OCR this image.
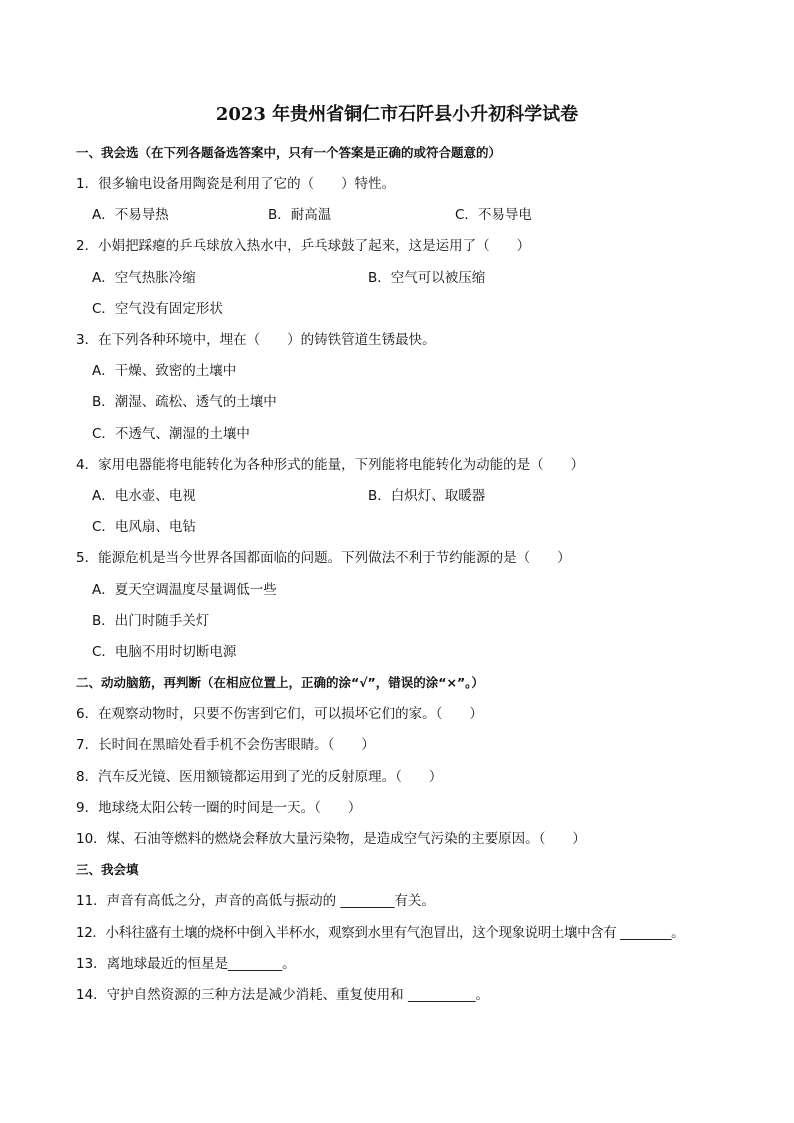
2023 年贵州省铜仁市石阡县小升初科学试卷
一、我会选（在下列各题备选答案中，只有一个答案是正确的或符合题意的）
1．很多输电设备用陶瓷是利用了它的（　　）特性。
A．不易导热	B．耐高温	C．不易导电
2．小娟把踩瘪的乒乓球放入热水中，乒乓球鼓了起来，这是运用了（　　）
A．空气热胀冷缩	B．空气可以被压缩
C．空气没有固定形状
3．在下列各种环境中，埋在（　　）的铸铁管道生锈最快。
A．干燥、致密的土壤中
B．潮湿、疏松、透气的土壤中
C．不透气、潮湿的土壤中
4．家用电器能将电能转化为各种形式的能量，下列能将电能转化为动能的是（　　）
A．电水壶、电视	B．白炽灯、取暖器
C．电风扇、电钻
5．能源危机是当今世界各国都面临的问题。下列做法不利于节约能源的是（　　）
A．夏天空调温度尽量调低一些
B．出门时随手关灯
C．电脑不用时切断电源
二、动动脑筋，再判断（在相应位置上，正确的涂“√”，错误的涂“×”。）
6．在观察动物时，只要不伤害到它们，可以损坏它们的家。（　　）
7．长时间在黑暗处看手机不会伤害眼睛。（　　）
8．汽车反光镜、医用额镜都运用到了光的反射原理。（　　）
9．地球绕太阳公转一圈的时间是一天。（　　）
10．煤、石油等燃料的燃烧会释放大量污染物，是造成空气污染的主要原因。（　　）
三、我会填
11．声音有高低之分，声音的高低与振动的 ________有关。
12．小科往盛有土壤的烧杯中倒入半杯水，观察到水里有气泡冒出，这个现象说明土壤中含有 ________。
13．离地球最近的恒星是________。
14．守护自然资源的三种方法是减少消耗、重复使用和 __________。
